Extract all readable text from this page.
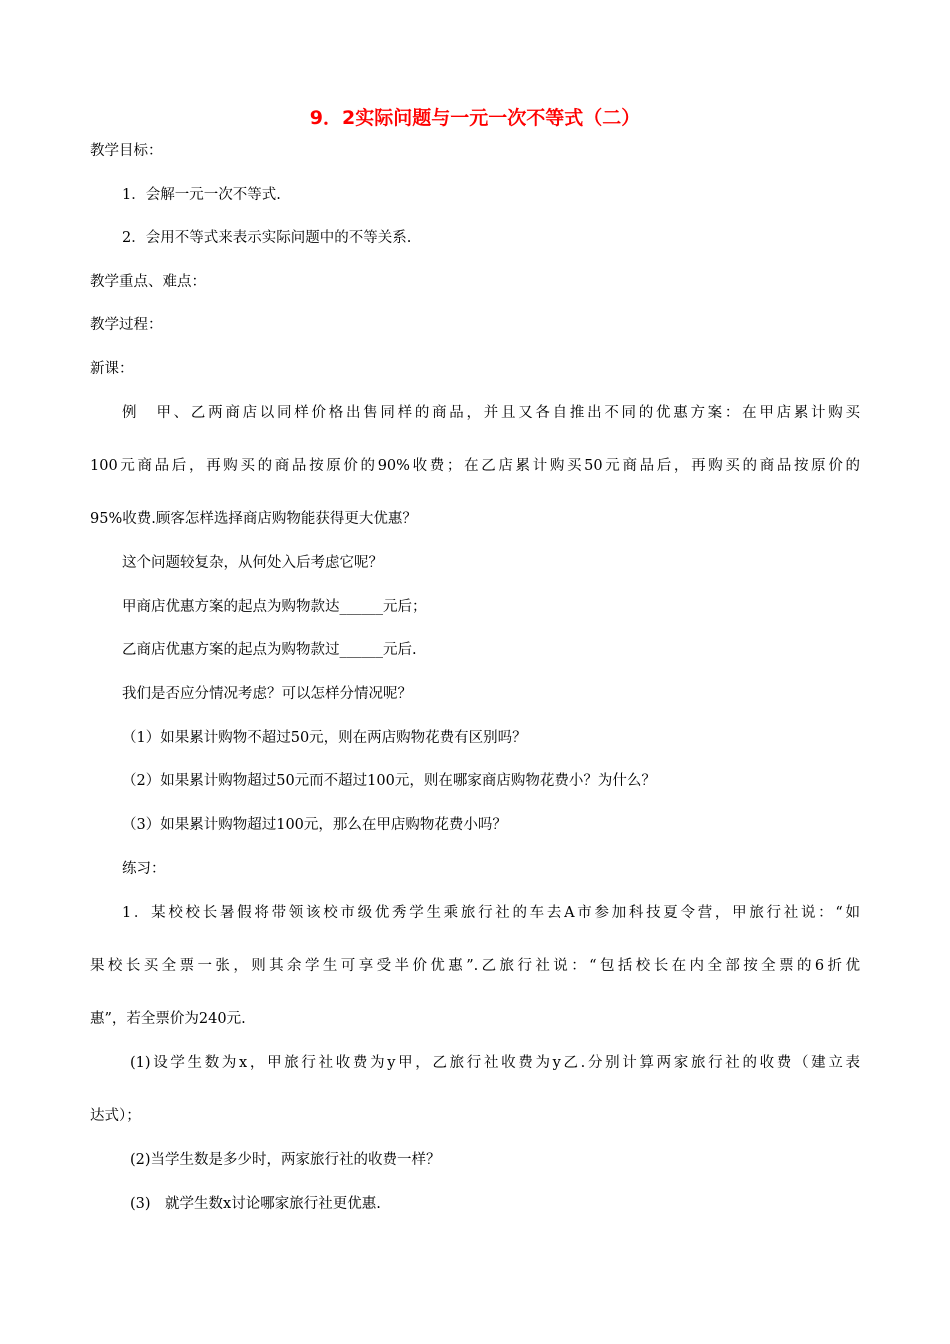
9．2实际问题与一元一次不等式（二）
教学目标：
1．会解一元一次不等式.
2．会用不等式来表示实际问题中的不等关系.
教学重点、难点：
教学过程：
新课：
例　甲、乙两商店以同样价格出售同样的商品，并且又各自推出不同的优惠方案：在甲店累计购买
100元商品后，再购买的商品按原价的90%收费；在乙店累计购买50元商品后，再购买的商品按原价的
95%收费.顾客怎样选择商店购物能获得更大优惠？
这个问题较复杂，从何处入后考虑它呢？
甲商店优惠方案的起点为购物款达______元后；
乙商店优惠方案的起点为购物款过______元后.
我们是否应分情况考虑？可以怎样分情况呢？
（1）如果累计购物不超过50元，则在两店购物花费有区别吗？
（2）如果累计购物超过50元而不超过100元，则在哪家商店购物花费小？为什么？
（3）如果累计购物超过100元，那么在甲店购物花费小吗？
练习：
1．某校校长暑假将带领该校市级优秀学生乘旅行社的车去A市参加科技夏令营，甲旅行社说：“如
果校长买全票一张，则其余学生可享受半价优惠”.乙旅行社说：“包括校长在内全部按全票的6折优
惠”，若全票价为240元.
(1)设学生数为x，甲旅行社收费为y甲，乙旅行社收费为y乙.分别计算两家旅行社的收费（建立表
达式）；
(2)当学生数是多少时，两家旅行社的收费一样？
(3)　就学生数x讨论哪家旅行社更优惠.
